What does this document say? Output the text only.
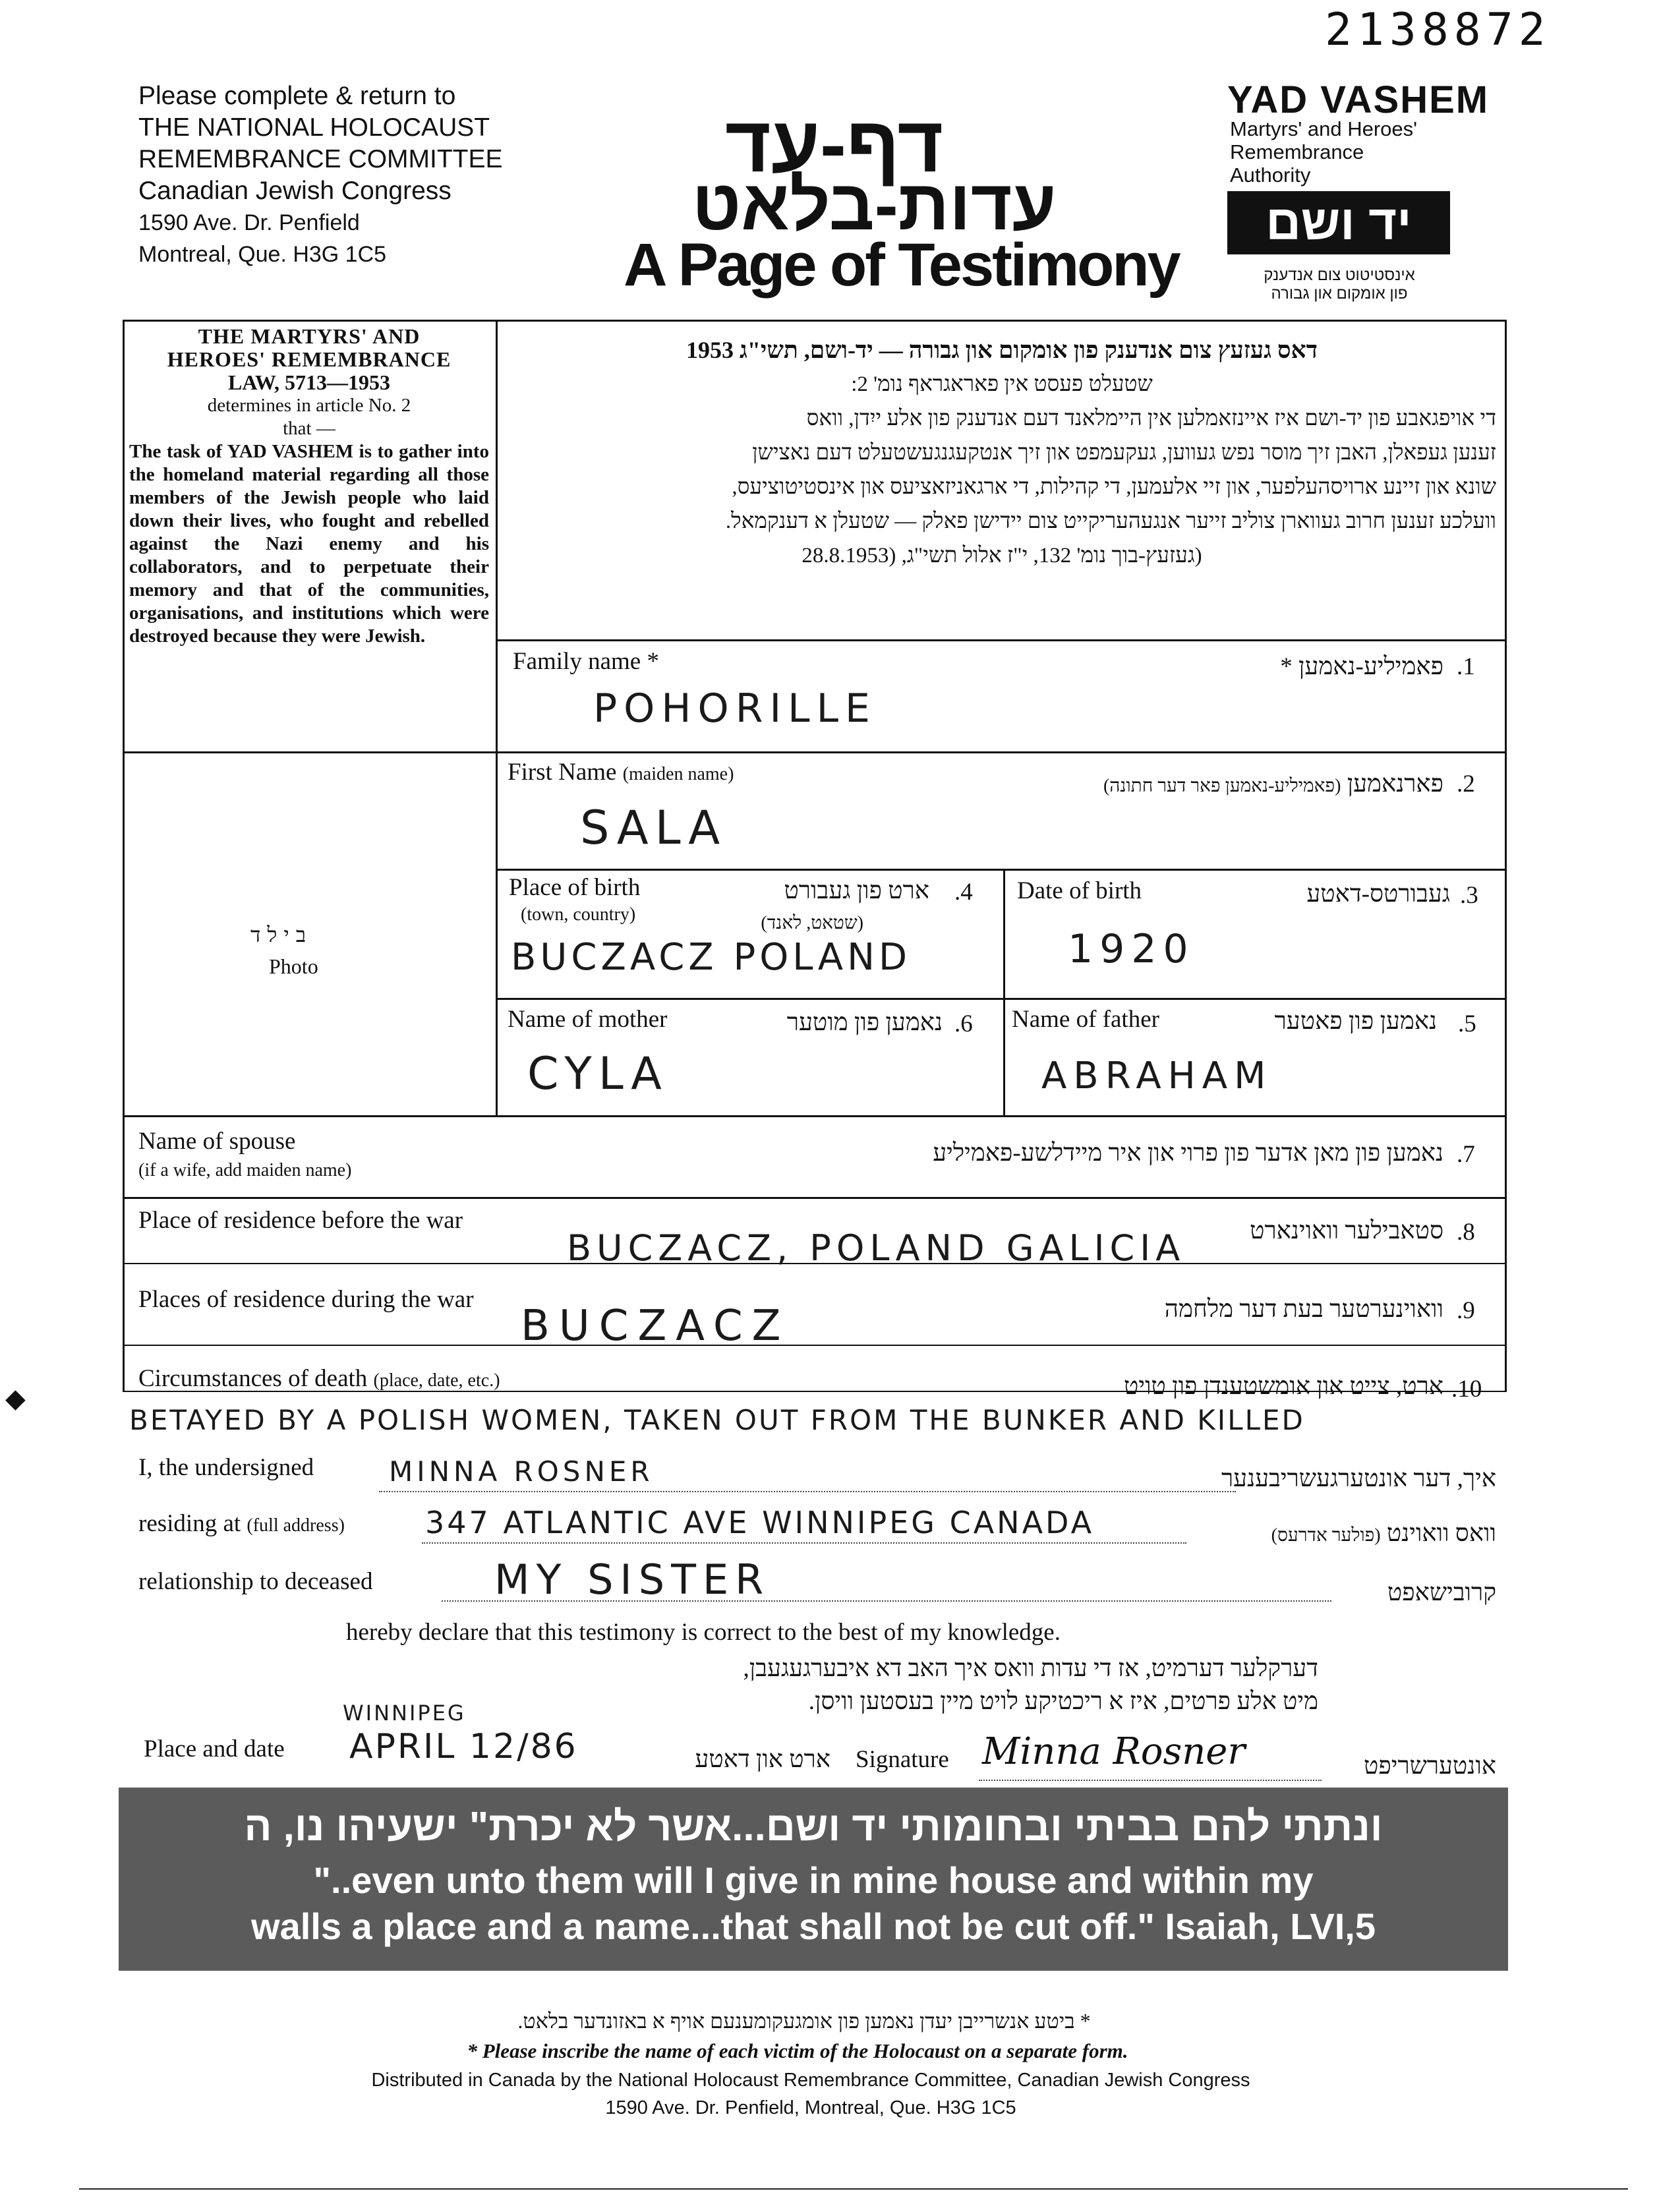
2138872
Please complete & return to
THE NATIONAL HOLOCAUST
REMEMBRANCE COMMITTEE
Canadian Jewish Congress
1590 Ave. Dr. Penfield
Montreal, Que. H3G 1C5
דף-עד
עדות-בלאט
A Page of Testimony
YAD VASHEM
Martyrs' and Heroes'
Remembrance
Authority
יד ושם
אינסטיטוט צום אנדענק
פון אומקום און גבורה

THE MARTYRS' AND

HEROES' REMEMBRANCE

LAW, 5713—1953

determines in article No. 2

that —

The task of YAD VASHEM is to gather into the homeland material regarding all those members of the Jewish people who laid down their lives, who fought and rebelled against the Nazi enemy and his collaborators, and to perpetuate their memory and that of the communities, organisations, and institutions which were destroyed because they were Jewish.

דאס געזעץ צום אנדענק פון אומקום און גבורה — יד-ושם, תשי"ג 1953
שטעלט פעסט אין פאראגראף נומ' 2:
די אויפגאבע פון יד-ושם איז איינזאמלען אין היימלאנד דעם אנדענק פון אלע ייִדן, וואס
זענען געפאלן, האבן זיך מוסר נפש געווען, געקעמפט און זיך אנטקעגנגעשטעלט דעם נאצישן
שונא און זיינע ארויסהעלפער, און זיי אלעמען, די קהילות, די ארגאניזאציעס און אינסטיטוציעס,
וועלכע זענען חרוב געווארן צוליב זייער אנגעהעריקייט צום יידישן פאלק — שטעלן א דענקמאל.
(געזעץ-בוך נומ' 132, י"ז אלול תשי"ג, (28.8.1953
בילד
Photo
Family name *	פאמיליע-נאמען * .1
POHORILLE
First Name (maiden name)	פארנאמען (פאמיליע-נאמען פאר דער חתונה)	.2
SALA
Place of birth
(town, country)
ארט פון געבורט
(שטאט, לאנד)
.4
BUCZACZ POLAND
Date of birth	געבורטס-דאטע .3
1920
Name of mother	נאמען פון מוטער .6
CYLA
Name of father	נאמען פון פאטער .5
ABRAHAM
Name of spouse
(if a wife, add maiden name)
נאמען פון מאן אדער פון פרוי און איר מיידלשע-פאמיליע .7
Place of residence before the war	סטאבילער וואוינארט .8
BUCZACZ, POLAND GALICIA
Places of residence during the war	וואוינערטער בעת דער מלחמה .9
BUCZACZ
Circumstances of death (place, date, etc.)	ארט, צייט און אומשטענדן פון טויט .10
BETAYED BY A POLISH WOMEN, TAKEN OUT FROM THE BUNKER AND KILLED
I, the undersigned	MINNA ROSNER	איך, דער אונטערגעשריבענער
residing at (full address)	347 ATLANTIC AVE WINNIPEG CANADA	וואס וואוינט (פולער אדרעס)
relationship to deceased	MY SISTER	קרובישאפט
hereby declare that this testimony is correct to the best of my knowledge.
דערקלער דערמיט, אז די עדות וואס איך האב דא איבערגעגעבן,
מיט אלע פרטים, איז א ריכטיקע לויט מיין בעסטען וויסן.
Place and date
WINNIPEG
APRIL 12/86	ארט און דאטע Signature Minna Rosner	אונטערשריפט
ונתתי להם בביתי ובחומותי יד ושם...אשר לא יכרת" ישעיהו נו, ה
"..even unto them will I give in mine house and within my
walls a place and a name...that shall not be cut off." Isaiah, LVI,5
* ביטע אנשרייבן יעדן נאמען פון אומגעקומענעם אויף א באזונדער בלאט.
* Please inscribe the name of each victim of the Holocaust on a separate form.
Distributed in Canada by the National Holocaust Remembrance Committee, Canadian Jewish Congress
1590 Ave. Dr. Penfield, Montreal, Que. H3G 1C5
◆
